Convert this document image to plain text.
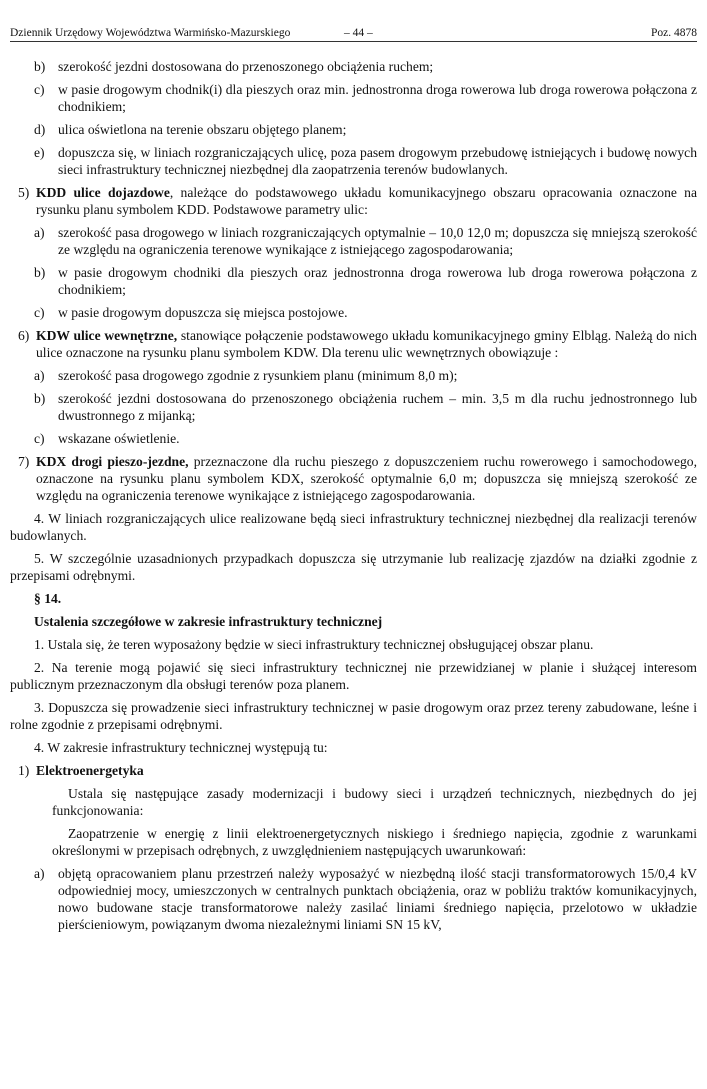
Dziennik Urzędowy Województwa Warmińsko-Mazurskiego	– 44 –	Poz. 4878

b) szerokość jezdni dostosowana do przenoszonego obciążenia ruchem;

c) w pasie drogowym chodnik(i) dla pieszych oraz min. jednostronna droga rowerowa lub droga rowerowa połączona z chodnikiem;

d) ulica oświetlona na terenie obszaru objętego planem;

e) dopuszcza się, w liniach rozgraniczających ulicę, poza pasem drogowym przebudowę istniejących i budowę nowych sieci infrastruktury technicznej niezbędnej dla zaopatrzenia terenów budowlanych.

5) KDD ulice dojazdowe, należące do podstawowego układu komunikacyjnego obszaru opracowania oznaczone na rysunku planu symbolem KDD. Podstawowe parametry ulic:

a) szerokość pasa drogowego w liniach rozgraniczających optymalnie – 10,0 12,0 m; dopuszcza się mniejszą szerokość ze względu na ograniczenia terenowe wynikające z istniejącego zagospodarowania;

b) w pasie drogowym chodniki dla pieszych oraz jednostronna droga rowerowa lub droga rowerowa połączona z chodnikiem;

c) w pasie drogowym dopuszcza się miejsca postojowe.

6) KDW ulice wewnętrzne, stanowiące połączenie podstawowego układu komunikacyjnego gminy Elbląg. Należą do nich ulice oznaczone na rysunku planu symbolem KDW. Dla terenu ulic wewnętrznych obowiązuje :

a) szerokość pasa drogowego zgodnie z rysunkiem planu (minimum 8,0 m);

b) szerokość jezdni dostosowana do przenoszonego obciążenia ruchem – min. 3,5 m dla ruchu jednostronnego lub dwustronnego z mijanką;

c) wskazane oświetlenie.

7) KDX drogi pieszo-jezdne, przeznaczone dla ruchu pieszego z dopuszczeniem ruchu rowerowego i samochodowego, oznaczone na rysunku planu symbolem KDX, szerokość optymalnie 6,0 m; dopuszcza się mniejszą szerokość ze względu na ograniczenia terenowe wynikające z istniejącego zagospodarowania.

4. W liniach rozgraniczających ulice realizowane będą sieci infrastruktury technicznej niezbędnej dla realizacji terenów budowlanych.

5. W szczególnie uzasadnionych przypadkach dopuszcza się utrzymanie lub realizację zjazdów na działki zgodnie z przepisami odrębnymi.

§ 14.

Ustalenia szczegółowe w zakresie infrastruktury technicznej

1. Ustala się, że teren wyposażony będzie w sieci infrastruktury technicznej obsługującej obszar planu.

2. Na terenie mogą pojawić się sieci infrastruktury technicznej nie przewidzianej w planie i służącej interesom publicznym przeznaczonym dla obsługi terenów poza planem.

3. Dopuszcza się prowadzenie sieci infrastruktury technicznej w pasie drogowym oraz przez tereny zabudowane, leśne i rolne zgodnie z przepisami odrębnymi.

4. W zakresie infrastruktury technicznej występują tu:

1) Elektroenergetyka

Ustala się następujące zasady modernizacji i budowy sieci i urządzeń technicznych, niezbędnych do jej funkcjonowania:

Zaopatrzenie w energię z linii elektroenergetycznych niskiego i średniego napięcia, zgodnie z warunkami określonymi w przepisach odrębnych, z uwzględnieniem następujących uwarunkowań:

a) objętą opracowaniem planu przestrzeń należy wyposażyć w niezbędną ilość stacji transformatorowych 15/0,4 kV odpowiedniej mocy, umieszczonych w centralnych punktach obciążenia, oraz w pobliżu traktów komunikacyjnych, nowo budowane stacje transformatorowe należy zasilać liniami średniego napięcia, przelotowo w układzie pierścieniowym, powiązanym dwoma niezależnymi liniami SN 15 kV,
